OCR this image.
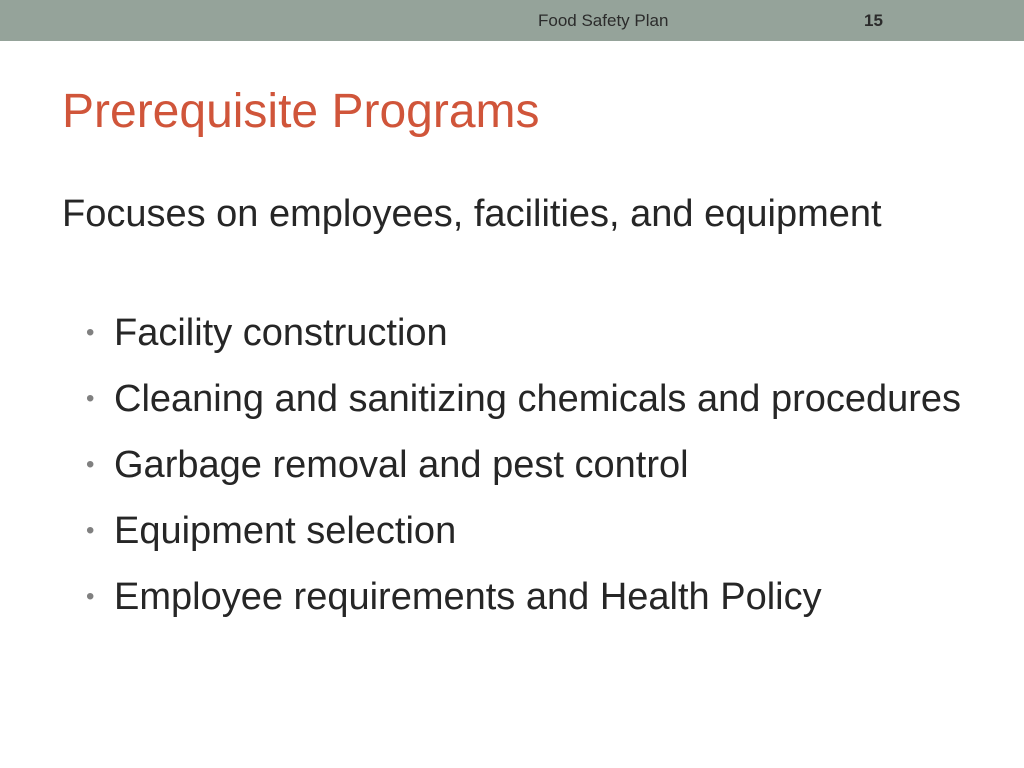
Food Safety Plan	15
Prerequisite Programs

Focuses on employees, facilities, and equipment

• Facility construction
• Cleaning and sanitizing chemicals and procedures
• Garbage removal and pest control
• Equipment selection
• Employee requirements and Health Policy
